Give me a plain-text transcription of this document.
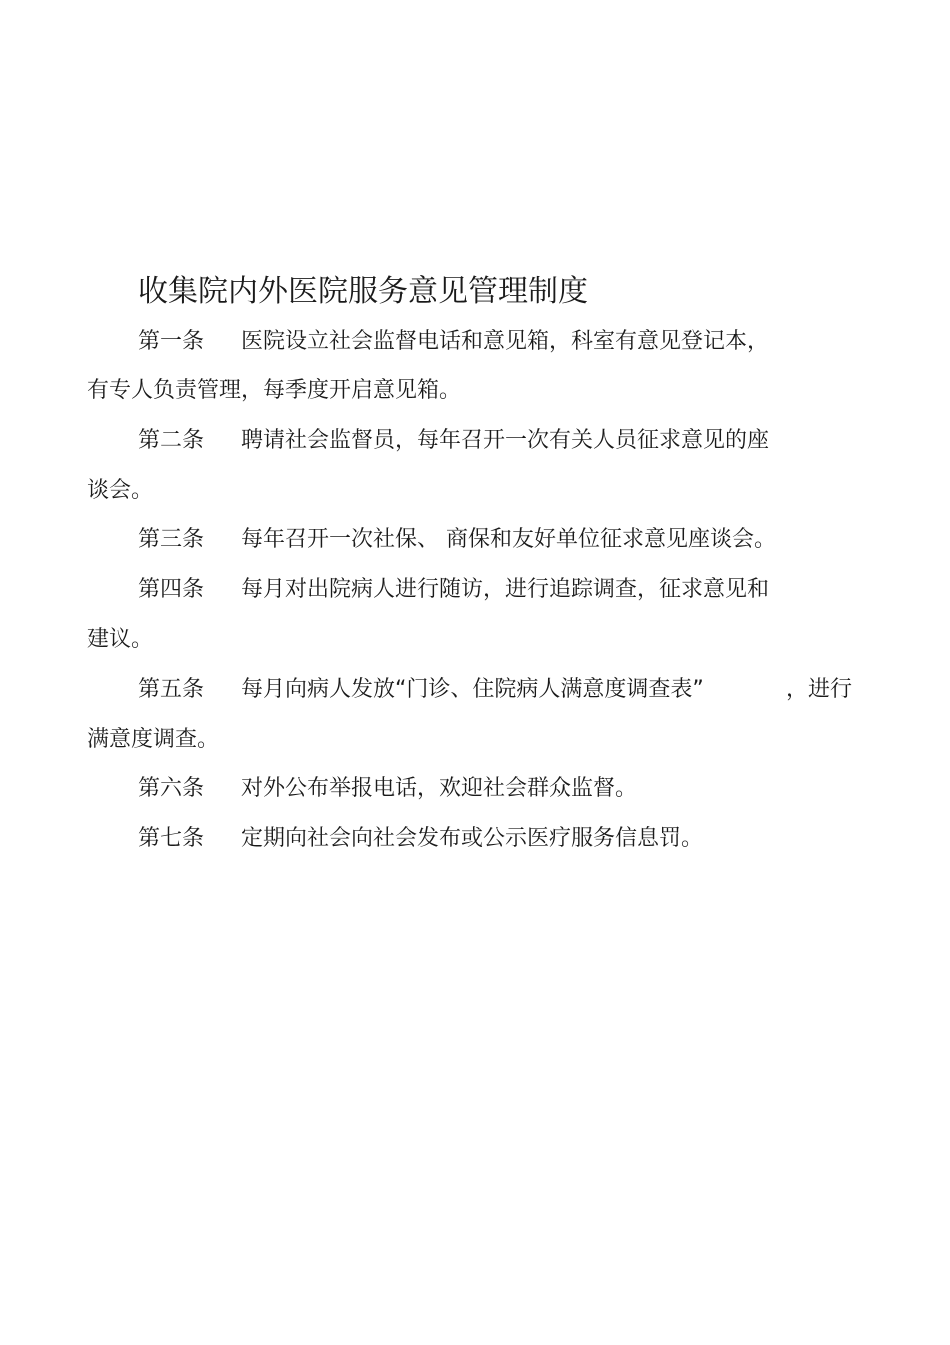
收集院内外医院服务意见管理制度
第一条 医院设立社会监督电话和意见箱，科室有意见登记本，
有专人负责管理，每季度开启意见箱。
第二条 聘请社会监督员，每年召开一次有关人员征求意见的座
谈会。
第三条 每年召开一次社保、 商保和友好单位征求意见座谈会。
第四条 每月对出院病人进行随访，进行追踪调查，征求意见和
建议。
第五条 每月向病人发放“门诊、住院病人满意度调查表”	，进行
满意度调查。
第六条 对外公布举报电话，欢迎社会群众监督。
第七条 定期向社会向社会发布或公示医疗服务信息罚。
